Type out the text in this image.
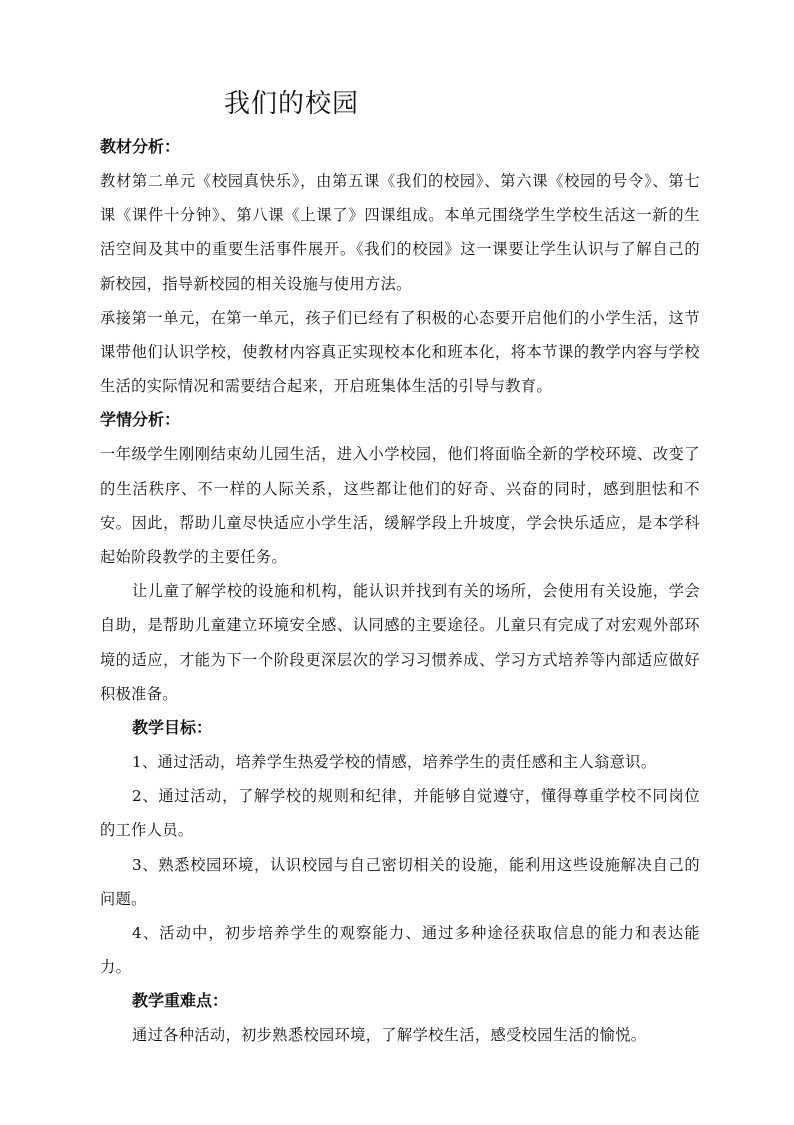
我们的校园
教材分析：

教材第二单元《校园真快乐》，由第五课《我们的校园》、第六课《校园的号令》、第七课《课件十分钟》、第八课《上课了》四课组成。本单元围绕学生学校生活这一新的生活空间及其中的重要生活事件展开。《我们的校园》这一课要让学生认识与了解自己的新校园，指导新校园的相关设施与使用方法。

承接第一单元，在第一单元，孩子们已经有了积极的心态要开启他们的小学生活，这节课带他们认识学校，使教材内容真正实现校本化和班本化，将本节课的教学内容与学校生活的实际情况和需要结合起来，开启班集体生活的引导与教育。

学情分析：

一年级学生刚刚结束幼儿园生活，进入小学校园，他们将面临全新的学校环境、改变了的生活秩序、不一样的人际关系，这些都让他们的好奇、兴奋的同时，感到胆怯和不安。因此，帮助儿童尽快适应小学生活，缓解学段上升坡度，学会快乐适应，是本学科起始阶段教学的主要任务。

让儿童了解学校的设施和机构，能认识并找到有关的场所，会使用有关设施，学会自助，是帮助儿童建立环境安全感、认同感的主要途径。儿童只有完成了对宏观外部环境的适应，才能为下一个阶段更深层次的学习习惯养成、学习方式培养等内部适应做好积极准备。

教学目标：

1、通过活动，培养学生热爱学校的情感，培养学生的责任感和主人翁意识。

2、通过活动，了解学校的规则和纪律，并能够自觉遵守，懂得尊重学校不同岗位的工作人员。

3、熟悉校园环境，认识校园与自己密切相关的设施，能利用这些设施解决自己的问题。

4、活动中，初步培养学生的观察能力、通过多种途径获取信息的能力和表达能力。

教学重难点：

通过各种活动，初步熟悉校园环境，了解学校生活，感受校园生活的愉悦。
